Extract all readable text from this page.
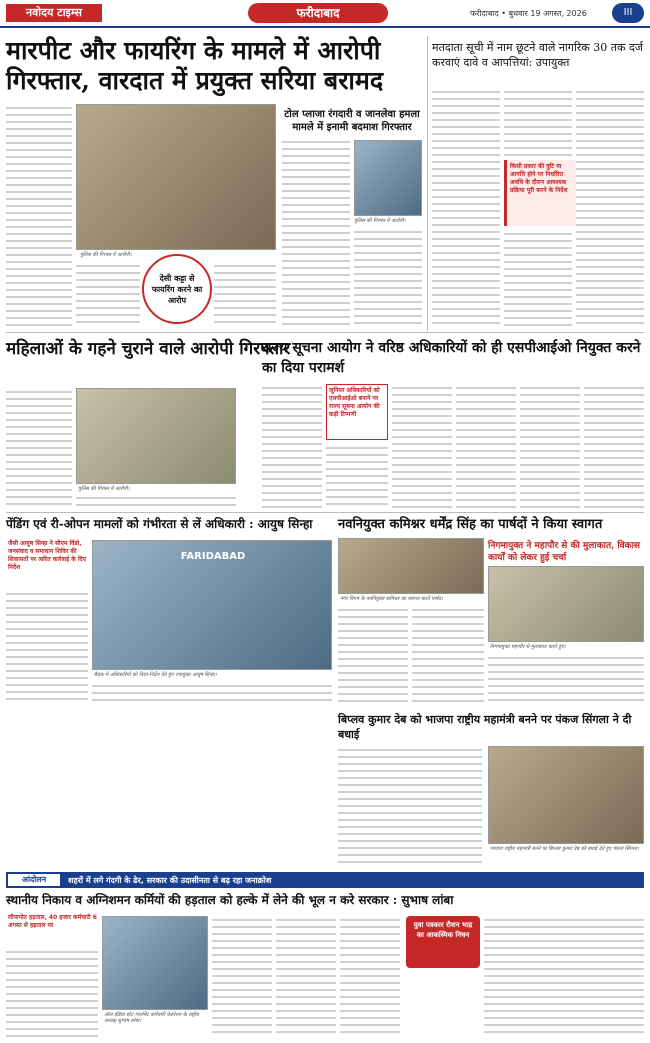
नवोदय टाइम्स	फरीदाबाद	फरीदाबाद • बुधवार 19 अगस्त, 2026	III
मारपीट और फायरिंग के मामले में आरोपी गिरफ्तार, वारदात में प्रयुक्त सरिया बरामद
पुलिस की गिरफ्त में आरोपी।
देसी कट्टा से फायरिंग करने का आरोप
टोल प्लाजा रंगदारी व जानलेवा हमला मामले में इनामी बदमाश गिरफ्तार
पुलिस की गिरफ्त में आरोपी।
मतदाता सूची में नाम छूटने वाले नागरिक 30 तक दर्ज करवाएं दावे व आपत्तियां: उपायुक्त
किसी प्रकार की त्रुटि या आपत्ति होने पर निर्धारित अवधि के दौरान आवश्यक प्रक्रिया पूरी करने के निर्देश
महिलाओं के गहने चुराने वाले आरोपी गिरफ्तार
पुलिस की गिरफ्त में आरोपी।
राज्य सूचना आयोग ने वरिष्ठ अधिकारियों को ही एसपीआईओ नियुक्त करने का दिया परामर्श
जूनियर अधिकारियों को एसपीआईओ बनाने पर राज्य सूचना आयोग की कड़ी टिप्पणी
पेंडिंग एवं री-ओपन मामलों को गंभीरता से लें अधिकारी : आयुष सिन्हा
जैसी आयुष सिन्हा ने सीएम विंडो, जनसंवाद व समाधान शिविर की शिकायतों पर त्वरित कार्रवाई के दिए निर्देश
FARIDABAD
बैठक में अधिकारियों को दिशा-निर्देश देते हुए उपायुक्त आयुष सिन्हा।
नवनियुक्त कमिश्नर धर्मेंद्र सिंह का पार्षदों ने किया स्वागत
नगर निगम के नवनियुक्त कमिश्नर का स्वागत करते पार्षद।
निगमायुक्त ने महापौर से की मुलाकात, विकास कार्यों को लेकर हुई चर्चा
निगमायुक्त महापौर से मुलाकात करते हुए।
बिप्लव कुमार देब को भाजपा राष्ट्रीय महामंत्री बनने पर पंकज सिंगला ने दी बधाई
भाजपा राष्ट्रीय महामंत्री बनने पर बिप्लव कुमार देब को बधाई देते हुए पंकज सिंगला।
आंदोलन	शहरों में लगे गंदगी के ढेर, सरकार की उदासीनता से बढ़ रहा जनाक्रोश
स्थानीय निकाय व अग्निशमन कर्मियों की हड़ताल को हल्के में लेने की भूल न करे सरकार : सुभाष लांबा
लीपापोत हड़ताल, 40 हजार कर्मचारी 6 अगस्त से हड़ताल पर
ऑल इंडिया स्टेट गवर्नमेंट कर्मचारी फेडरेशन के राष्ट्रीय अध्यक्ष सुभाष लांबा।
युवा पत्रकार रौशन भाद्र का आकस्मिक निधन
